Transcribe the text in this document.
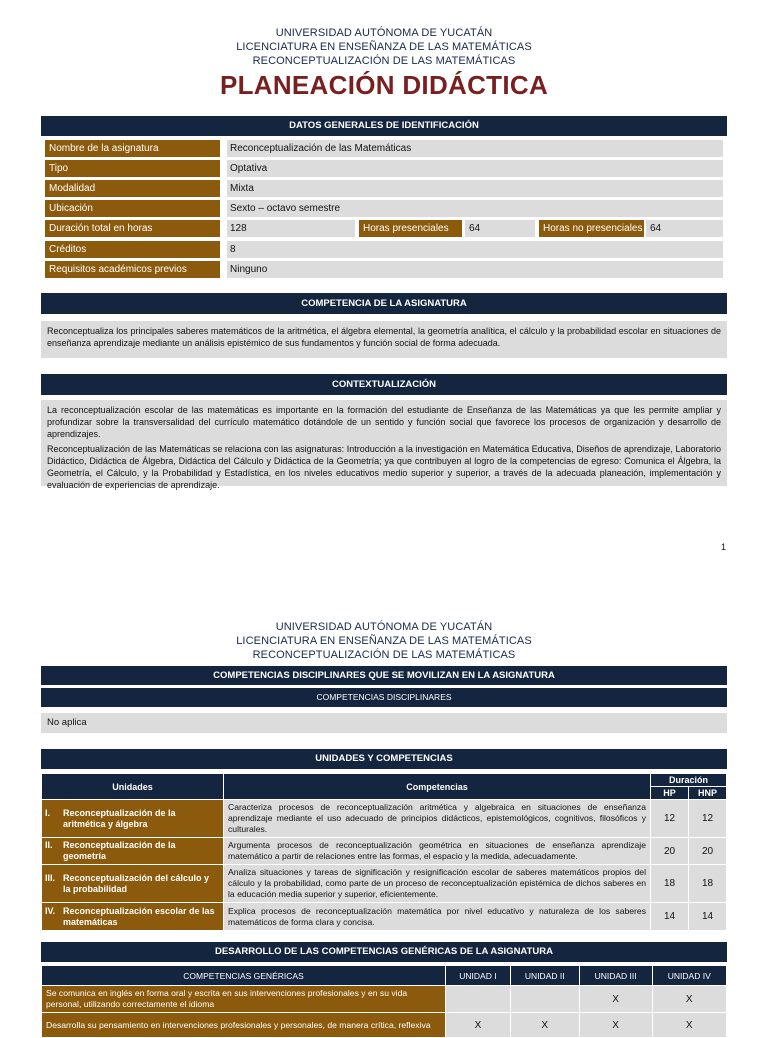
UNIVERSIDAD AUTÓNOMA DE YUCATÁN
LICENCIATURA EN ENSEÑANZA DE LAS MATEMÁTICAS
RECONCEPTUALIZACIÓN DE LAS MATEMÁTICAS
PLANEACIÓN DIDÁCTICA
DATOS GENERALES DE IDENTIFICACIÓN
Nombre de la asignatura	Reconceptualización de las Matemáticas
Tipo	Optativa
Modalidad	Mixta
Ubicación	Sexto – octavo semestre
Duración total en horas	128	Horas presenciales	64	Horas no presenciales 64
Créditos	8
Requisitos académicos previos	Ninguno
COMPETENCIA DE LA ASIGNATURA
Reconceptualiza los principales saberes matemáticos de la aritmética, el álgebra elemental, la geometría analítica, el cálculo y la probabilidad escolar en situaciones de enseñanza aprendizaje mediante un análisis epistémico de sus fundamentos y función social de forma adecuada.
CONTEXTUALIZACIÓN

La reconceptualización escolar de las matemáticas es importante en la formación del estudiante de Enseñanza de las Matemáticas ya que les permite ampliar y profundizar sobre la transversalidad del currículo matemático dotándole de un sentido y función social que favorece los procesos de organización y desarrollo de aprendizajes.

Reconceptualización de las Matemáticas se relaciona con las asignaturas: Introducción a la investigación en Matemática Educativa, Diseños de aprendizaje, Laboratorio Didáctico, Didáctica de Álgebra, Didáctica del Cálculo y Didáctica de la Geometría; ya que contribuyen al logro de la competencias de egreso: Comunica el Álgebra, la Geometría, el Cálculo, y la Probabilidad y Estadística, en los niveles educativos medio superior y superior, a través de la adecuada planeación, implementación y evaluación de experiencias de aprendizaje.

1
UNIVERSIDAD AUTÓNOMA DE YUCATÁN
LICENCIATURA EN ENSEÑANZA DE LAS MATEMÁTICAS
RECONCEPTUALIZACIÓN DE LAS MATEMÁTICAS
COMPETENCIAS DISCIPLINARES QUE SE MOVILIZAN EN LA ASIGNATURA
COMPETENCIAS DISCIPLINARES
No aplica
UNIDADES Y COMPETENCIAS
Unidades	Competencias	Duración	
		HP	HNP
I. Reconceptualización de la aritmética y álgebra	Caracteriza procesos de reconceptualización aritmética y algebraica en situaciones de enseñanza aprendizaje mediante el uso adecuado de principios didácticos, epistemológicos, cognitivos, filosóficos y culturales.	12	12
II. Reconceptualización de la geometría	Argumenta procesos de reconceptualización geométrica en situaciones de enseñanza aprendizaje matemático a partir de relaciones entre las formas, el espacio y la medida, adecuadamente.	20	20
III. Reconceptualización del cálculo y la probabilidad	Analiza situaciones y tareas de significación y resignificación escolar de saberes matemáticos propios del cálculo y la probabilidad, como parte de un proceso de reconceptualización epistémica de dichos saberes en la educación media superior y superior, eficientemente.	18	18
IV. Reconceptualización escolar de las matemáticas	Explica procesos de reconceptualización matemática por nivel educativo y naturaleza de los saberes matemáticos de forma clara y concisa.	14	14
DESARROLLO DE LAS COMPETENCIAS GENÉRICAS DE LA ASIGNATURA
COMPETENCIAS GENÉRICAS	UNIDAD I	UNIDAD II	UNIDAD III	UNIDAD IV
Se comunica en inglés en forma oral y escrita en sus intervenciones profesionales y en su vida personal, utilizando correctamente el idioma			X	X
Desarrolla su pensamiento en intervenciones profesionales y personales, de manera crítica, reflexiva	X	X	X	X
